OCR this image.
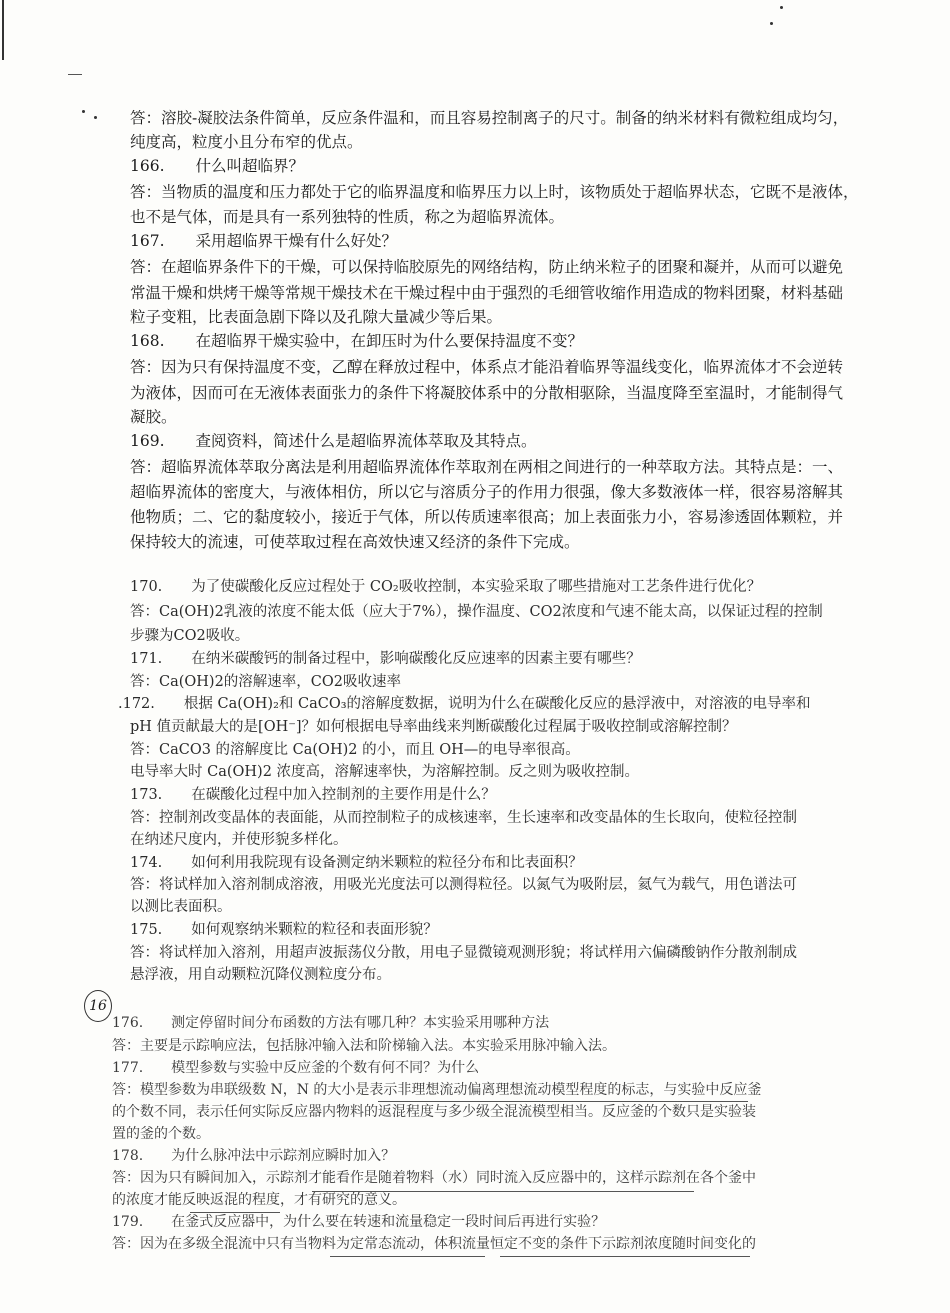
答：溶胶-凝胶法条件简单，反应条件温和，而且容易控制离子的尺寸。制备的纳米材料有微粒组成均匀，
纯度高，粒度小且分布窄的优点。
166.　　什么叫超临界？
答：当物质的温度和压力都处于它的临界温度和临界压力以上时，该物质处于超临界状态，它既不是液体，
也不是气体，而是具有一系列独特的性质，称之为超临界流体。
167.　　采用超临界干燥有什么好处？
答：在超临界条件下的干燥，可以保持临胶原先的网络结构，防止纳米粒子的团聚和凝并，从而可以避免
常温干燥和烘烤干燥等常规干燥技术在干燥过程中由于强烈的毛细管收缩作用造成的物料团聚，材料基础
粒子变粗，比表面急剧下降以及孔隙大量减少等后果。
168.　　在超临界干燥实验中，在卸压时为什么要保持温度不变？
答：因为只有保持温度不变，乙醇在释放过程中，体系点才能沿着临界等温线变化，临界流体才不会逆转
为液体，因而可在无液体表面张力的条件下将凝胶体系中的分散相驱除，当温度降至室温时，才能制得气
凝胶。
169.　　查阅资料，简述什么是超临界流体萃取及其特点。
答：超临界流体萃取分离法是利用超临界流体作萃取剂在两相之间进行的一种萃取方法。其特点是：一、
超临界流体的密度大，与液体相仿，所以它与溶质分子的作用力很强，像大多数液体一样，很容易溶解其
他物质；二、它的黏度较小，接近于气体，所以传质速率很高；加上表面张力小，容易渗透固体颗粒，并
保持较大的流速，可使萃取过程在高效快速又经济的条件下完成。
170.　　为了使碳酸化反应过程处于 CO₂吸收控制，本实验采取了哪些措施对工艺条件进行优化？
答：Ca(OH)2乳液的浓度不能太低（应大于7%），操作温度、CO2浓度和气速不能太高，以保证过程的控制
步骤为CO2吸收。
171.　　在纳米碳酸钙的制备过程中，影响碳酸化反应速率的因素主要有哪些？
答：Ca(OH)2的溶解速率，CO2吸收速率
.172.　　根据 Ca(OH)₂和 CaCO₃的溶解度数据，说明为什么在碳酸化反应的悬浮液中，对溶液的电导率和
pH 值贡献最大的是[OH⁻]？如何根据电导率曲线来判断碳酸化过程属于吸收控制或溶解控制？
答：CaCO3 的溶解度比 Ca(OH)2 的小，而且 OH—的电导率很高。
电导率大时 Ca(OH)2 浓度高，溶解速率快，为溶解控制。反之则为吸收控制。
173.　　在碳酸化过程中加入控制剂的主要作用是什么？
答：控制剂改变晶体的表面能，从而控制粒子的成核速率，生长速率和改变晶体的生长取向，使粒径控制
在纳述尺度内，并使形貌多样化。
174.　　如何利用我院现有设备测定纳米颗粒的粒径分布和比表面积？
答：将试样加入溶剂制成溶液，用吸光光度法可以测得粒径。以氮气为吸附层，氦气为载气，用色谱法可
以测比表面积。
175.　　如何观察纳米颗粒的粒径和表面形貌？
答：将试样加入溶剂，用超声波振荡仪分散，用电子显微镜观测形貌；将试样用六偏磷酸钠作分散剂制成
悬浮液，用自动颗粒沉降仪测粒度分布。
16
176.　　测定停留时间分布函数的方法有哪几种？本实验采用哪种方法
答：主要是示踪响应法，包括脉冲输入法和阶梯输入法。本实验采用脉冲输入法。
177.　　模型参数与实验中反应釜的个数有何不同？为什么
答：模型参数为串联级数 N，N 的大小是表示非理想流动偏离理想流动模型程度的标志，与实验中反应釜
的个数不同，表示任何实际反应器内物料的返混程度与多少级全混流模型相当。反应釜的个数只是实验装
置的釜的个数。
178.　　为什么脉冲法中示踪剂应瞬时加入？
答：因为只有瞬间加入，示踪剂才能看作是随着物料（水）同时流入反应器中的，这样示踪剂在各个釜中
的浓度才能反映返混的程度，才有研究的意义。
179.　　在釜式反应器中，为什么要在转速和流量稳定一段时间后再进行实验？
答：因为在多级全混流中只有当物料为定常态流动，体积流量恒定不变的条件下示踪剂浓度随时间变化的
